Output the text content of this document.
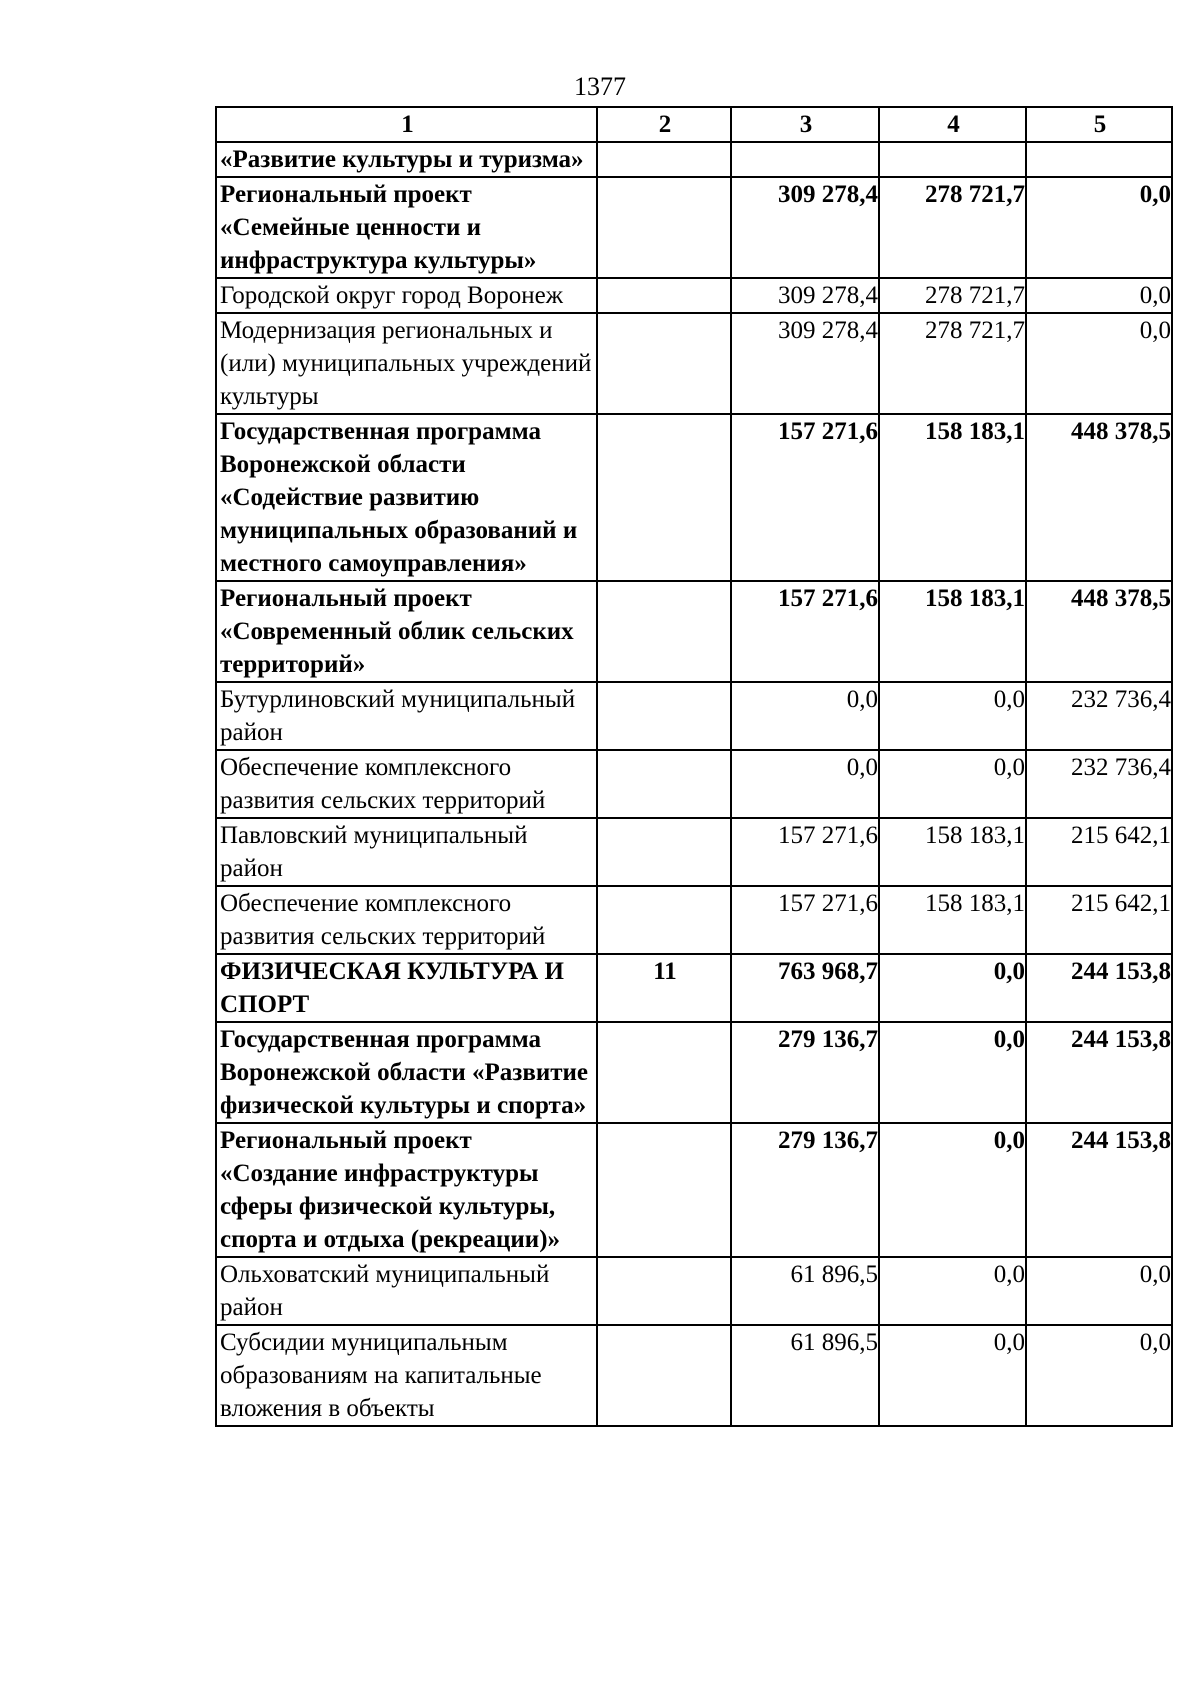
1377
1	2	3	4	5
«Развитие культуры и туризма»				
Региональный проект «Семейные ценности и инфраструктура культуры»		309 278,4	278 721,7	0,0
Городской округ город Воронеж		309 278,4	278 721,7	0,0
Модернизация региональных и (или) муниципальных учреждений культуры		309 278,4	278 721,7	0,0
Государственная программа Воронежской области «Содействие развитию муниципальных образований и местного самоуправления»		157 271,6	158 183,1	448 378,5
Региональный проект «Современный облик сельских территорий»		157 271,6	158 183,1	448 378,5
Бутурлиновский муниципальный район		0,0	0,0	232 736,4
Обеспечение комплексного развития сельских территорий		0,0	0,0	232 736,4
Павловский муниципальный район		157 271,6	158 183,1	215 642,1
Обеспечение комплексного развития сельских территорий		157 271,6	158 183,1	215 642,1
ФИЗИЧЕСКАЯ КУЛЬТУРА И СПОРТ	11	763 968,7	0,0	244 153,8
Государственная программа Воронежской области «Развитие физической культуры и спорта»		279 136,7	0,0	244 153,8
Региональный проект «Создание инфраструктуры сферы физической культуры, спорта и отдыха (рекреации)»		279 136,7	0,0	244 153,8
Ольховатский муниципальный район		61 896,5	0,0	0,0
Субсидии муниципальным образованиям на капитальные вложения в объекты		61 896,5	0,0	0,0
